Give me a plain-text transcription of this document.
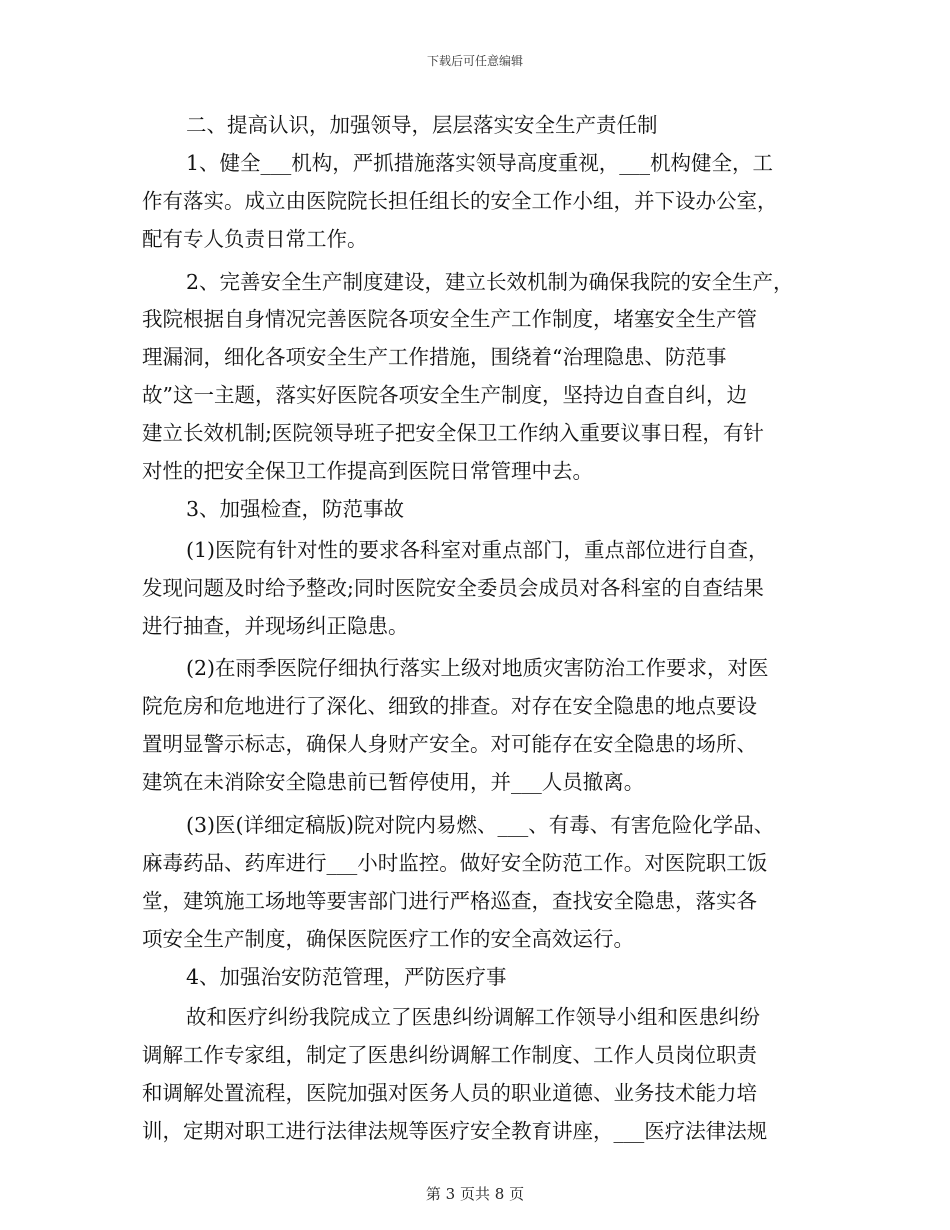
下载后可任意编辑
二、提高认识，加强领导，层层落实安全生产责任制
1、健全___机构，严抓措施落实领导高度重视，___机构健全，工
作有落实。成立由医院院长担任组长的安全工作小组，并下设办公室，
配有专人负责日常工作。
2、完善安全生产制度建设，建立长效机制为确保我院的安全生产，
我院根据自身情况完善医院各项安全生产工作制度，堵塞安全生产管
理漏洞，细化各项安全生产工作措施，围绕着“治理隐患、防范事
故”这一主题，落实好医院各项安全生产制度，坚持边自查自纠，边
建立长效机制;医院领导班子把安全保卫工作纳入重要议事日程，有针
对性的把安全保卫工作提高到医院日常管理中去。
3、加强检查，防范事故
(1)医院有针对性的要求各科室对重点部门，重点部位进行自查，
发现问题及时给予整改;同时医院安全委员会成员对各科室的自查结果
进行抽查，并现场纠正隐患。
(2)在雨季医院仔细执行落实上级对地质灾害防治工作要求，对医
院危房和危地进行了深化、细致的排查。对存在安全隐患的地点要设
置明显警示标志，确保人身财产安全。对可能存在安全隐患的场所、
建筑在未消除安全隐患前已暂停使用，并___人员撤离。
(3)医(详细定稿版)院对院内易燃、___、有毒、有害危险化学品、
麻毒药品、药库进行___小时监控。做好安全防范工作。对医院职工饭
堂，建筑施工场地等要害部门进行严格巡查，查找安全隐患，落实各
项安全生产制度，确保医院医疗工作的安全高效运行。
4、加强治安防范管理，严防医疗事
故和医疗纠纷我院成立了医患纠纷调解工作领导小组和医患纠纷
调解工作专家组，制定了医患纠纷调解工作制度、工作人员岗位职责
和调解处置流程，医院加强对医务人员的职业道德、业务技术能力培
训，定期对职工进行法律法规等医疗安全教育讲座，___医疗法律法规
第 3 页共 8 页
